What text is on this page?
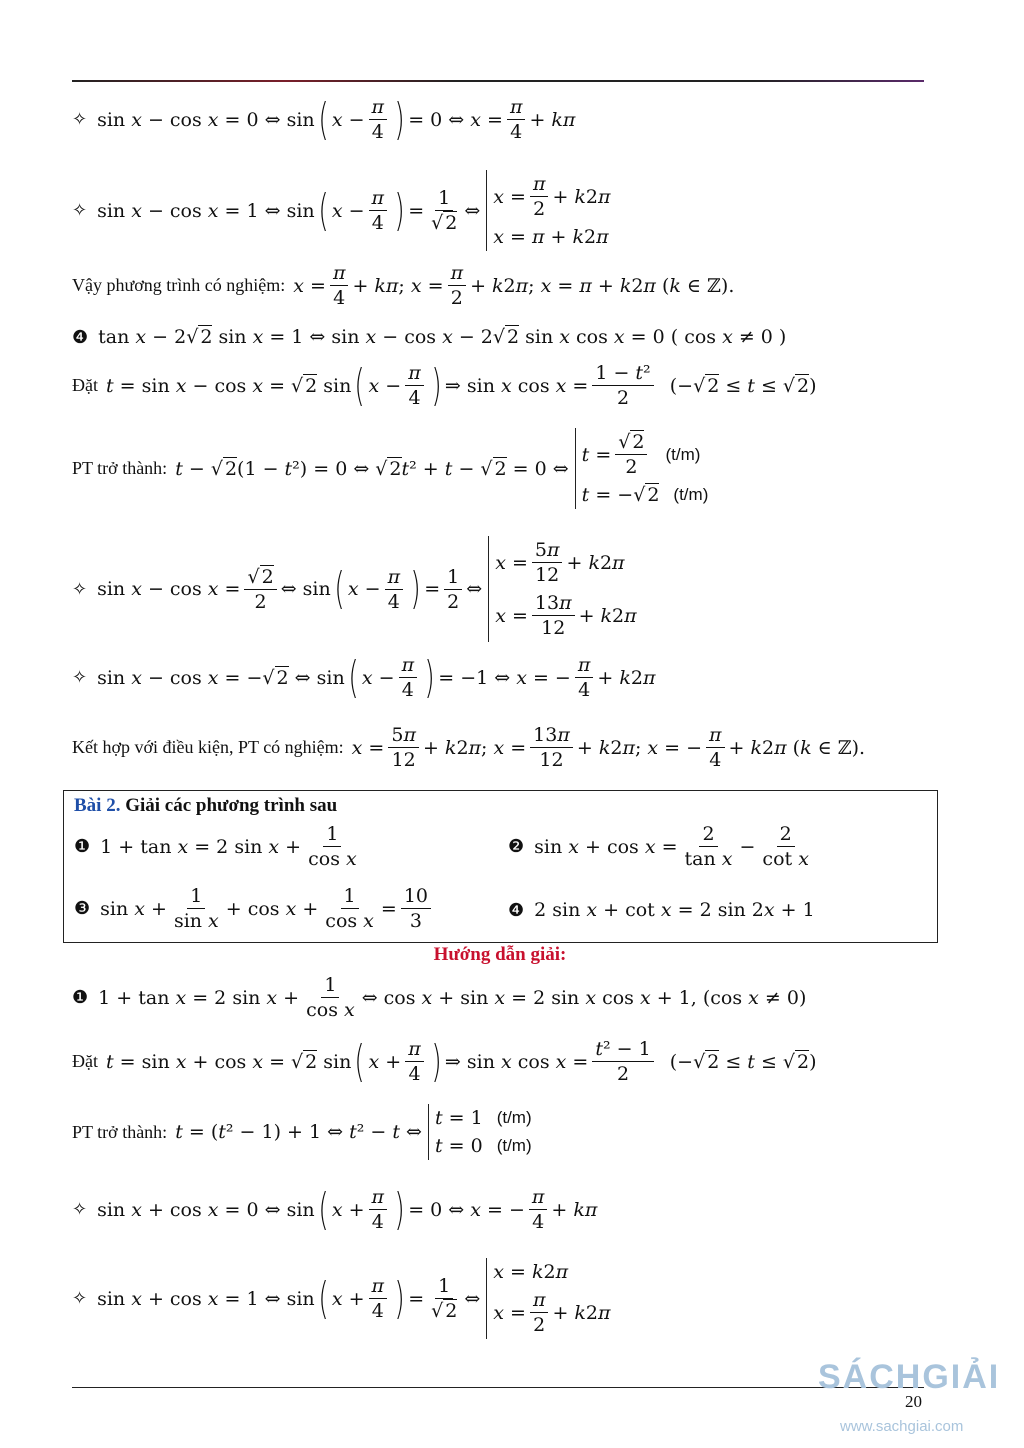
✧ sin x − cos x = 0 ⇔ sin ( $x - \frac{\pi}{4}$ ) = 0 ⇔ $x = \frac{\pi}{4} + k\pi$
✧ sin x − cos x = 1 ⇔ sin ( $x - \frac{\pi}{4}$ ) = $\frac{1}{√ 2}$ ⇔
$x = \frac{\pi}{2} + k2\pi$
x = π + k2π
Vậy phương trình có nghiệm: $x = \frac{\pi}{4} + k\pi$; $x = \frac{\pi}{2} + k2\pi$; x = π + k2π (k ∈ ℤ).
❹ tan x − 2√ 2 sin x = 1 ⇔ sin x − cos x − 2√ 2 sin x cos x = 0 ( cos x ≠ 0 )
Đặt t = sin x − cos x = √ 2 sin ( $x - \frac{\pi}{4}$ ) ⇒ sin x $\cos x = \frac{\text{1 − t²}}{2}$ (−√ 2 ≤ t ≤ √ 2)
PT trở thành: t − √ 2(1 − t²) = 0 ⇔ √ 2t² + t − √ 2 = 0 ⇔
$t = \frac{√ 2}{2} (t/m)$
t = −√ 2 (t/m)
✧ $\sin x - \cos x = \frac{√ 2}{2}$ ⇔ sin ( $x - \frac{\pi}{4}$ ) = $\frac{1}{2}$ ⇔
$x = \frac{5\pi}{12} + k2\pi$
$x = \frac{13\pi}{12} + k2\pi$
✧ sin x − cos x = −√ 2 ⇔ sin ( $x - \frac{\pi}{4}$ ) = −1 ⇔ x = − $\frac{\pi}{4} + k2\pi$
Kết hợp với điều kiện, PT có nghiệm: $x = \frac{5\pi}{12} + k2\pi$; $x = \frac{13\pi}{12} + k2\pi$; x = − $\frac{\pi}{4} + k2\pi$ (k ∈ ℤ).
Bài 2. Giải các phương trình sau
❶ 1 + tan x = 2 $\sin x + \frac{1}{\text{cos x}}$	❷ $\sin x + \cos x = \frac{2}{\text{tan x}} - \frac{2}{\text{cot x}}$
❸ $\sin x + \frac{1}{\text{sin x}} + \cos x + \frac{1}{\text{cos x}} = \frac{10}{3}$	❹ 2 sin x + cot x = 2 sin 2x + 1
Hướng dẫn giải:
❶ 1 + tan x = 2 $\sin x + \frac{1}{\text{cos x}}$ ⇔ cos x + sin x = 2 sin x cos x + 1, (cos x ≠ 0)
Đặt t = sin x + cos x = √ 2 sin ( $x + \frac{\pi}{4}$ ) ⇒ sin x $\cos x = \frac{\text{t² − 1}}{2}$ (−√ 2 ≤ t ≤ √ 2)
PT trở thành: t = (t² − 1) + 1 ⇔ t² − t ⇔
t = 1 (t/m)
t = 0 (t/m)
✧ sin x + cos x = 0 ⇔ sin ( $x + \frac{\pi}{4}$ ) = 0 ⇔ x = − $\frac{\pi}{4} + k\pi$
✧ sin x + cos x = 1 ⇔ sin ( $x + \frac{\pi}{4}$ ) = $\frac{1}{√ 2}$ ⇔
x = k2π
$x = \frac{\pi}{2} + k2\pi$
20
SÁCHGIẢI
www.sachgiai.com
